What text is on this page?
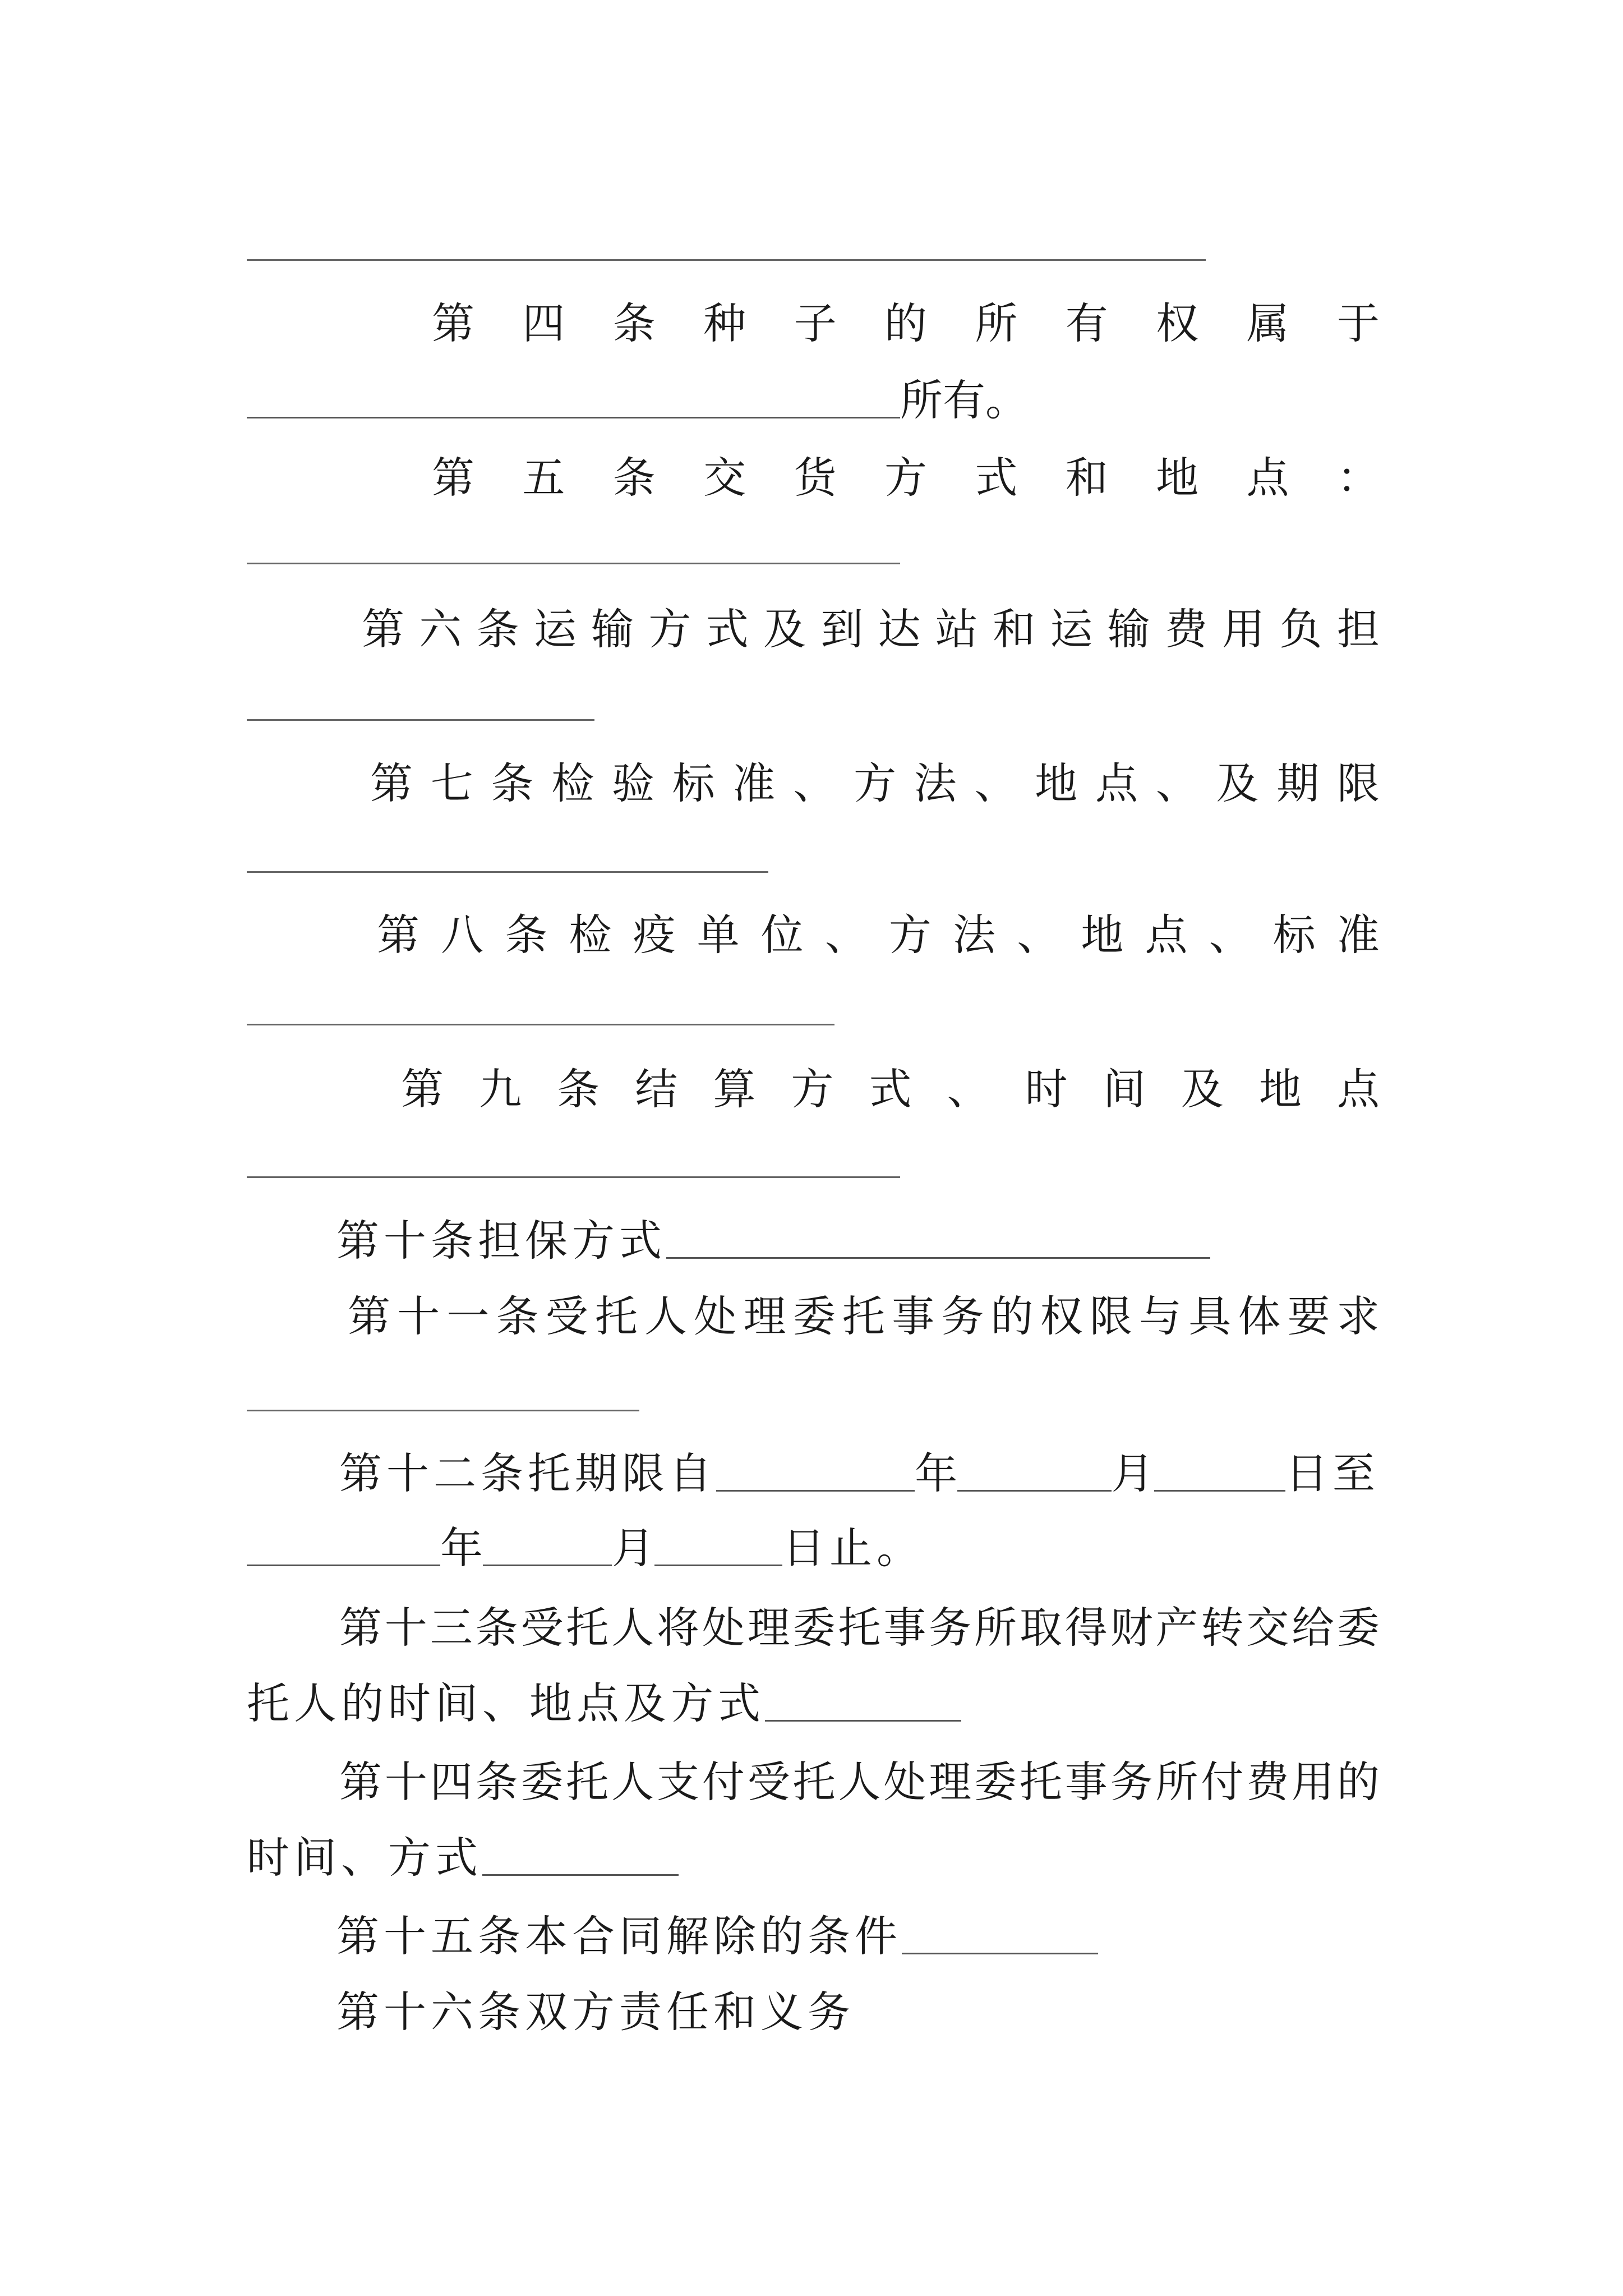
第 四 条 种 子 的 所 有 权 属 于
所有。
第 五 条 交 货 方 式 和 地 点 ：
第 六 条 运 输 方 式 及 到 达 站 和 运 输 费 用 负 担
第 七 条 检 验 标 准 、 方 法 、 地 点 、 及 期 限
第 八 条 检 疫 单 位 、 方 法 、 地 点 、 标 准
第 九 条 结 算 方 式 、 时 间 及 地 点
第十条担保方式
第 十 一 条 受 托 人 处 理 委 托 事 务 的 权 限 与 具 体 要 求
第十二条托期限自	年	月	日至
年	月	日止。
第 十 三 条 受 托 人 将 处 理 委 托 事 务 所 取 得 财 产 转 交 给 委
托人的时间、地点及方式
第 十 四 条 委 托 人 支 付 受 托 人 处 理 委 托 事 务 所 付 费 用 的
时间、方式
第十五条本合同解除的条件
第十六条双方责任和义务
